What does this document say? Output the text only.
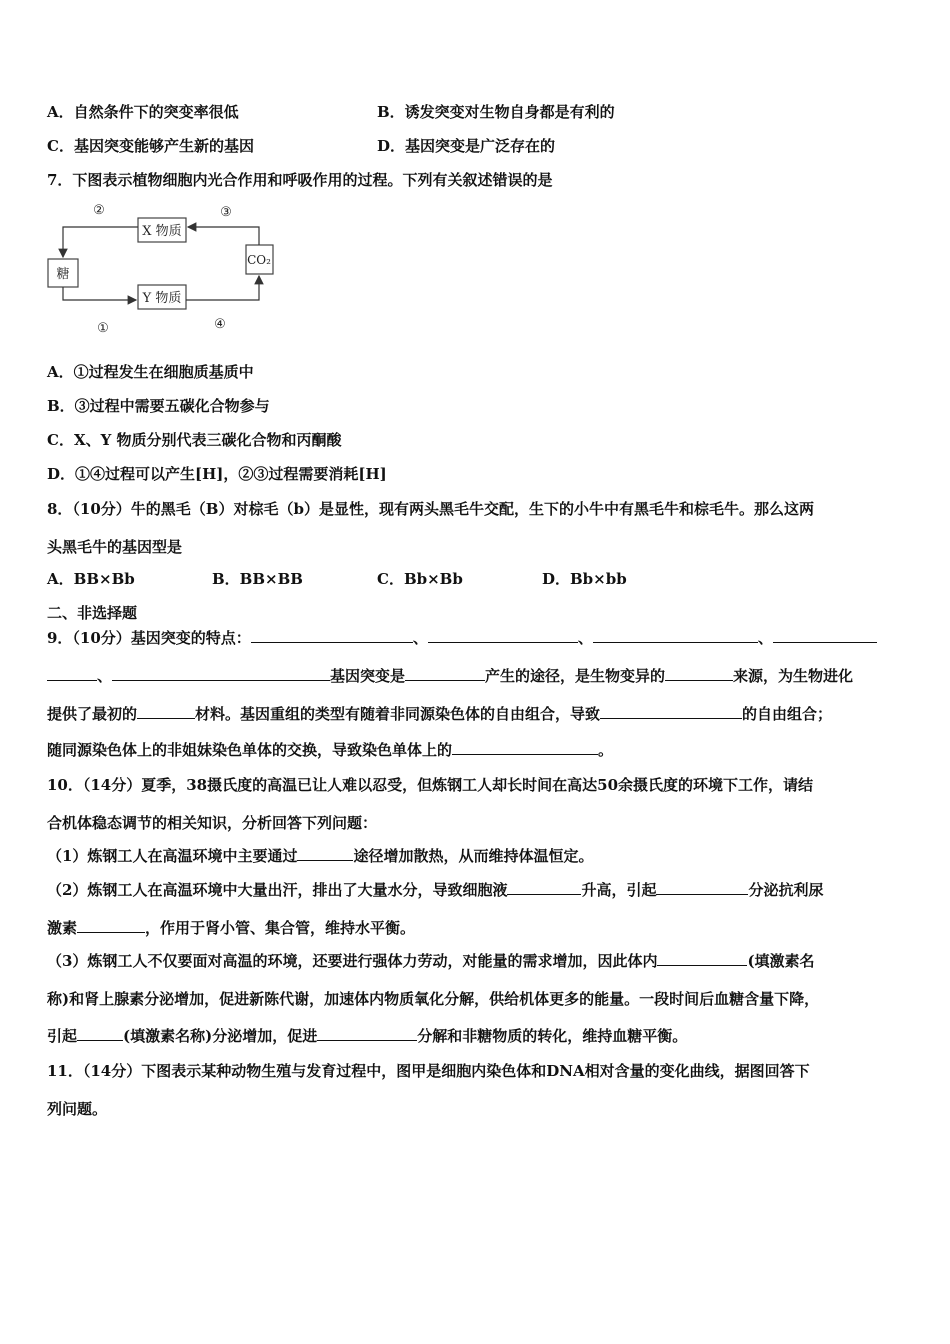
A．自然条件下的突变率很低	B．诱发突变对生物自身都是有利的
C．基因突变能够产生新的基因	D．基因突变是广泛存在的
7．下图表示植物细胞内光合作用和呼吸作用的过程。下列有关叙述错误的是
X 物质
Y 物质
糖
CO₂
②	③
①	④
A．①过程发生在细胞质基质中
B．③过程中需要五碳化合物参与
C．X、Y 物质分别代表三碳化合物和丙酮酸
D．①④过程可以产生[H]，②③过程需要消耗[H]
8．（10分）牛的黑毛（B）对棕毛（b）是显性，现有两头黑毛牛交配，生下的小牛中有黑毛牛和棕毛牛。那么这两
头黑毛牛的基因型是
A．BB×Bb	B．BB×BB	C．Bb×Bb	D．Bb×bb
二、非选择题
9．（10分）基因突变的特点：	、	、	、
、	基因突变是	产生的途径，是生物变异的	来源，为生物进化
提供了最初的	材料。基因重组的类型有随着非同源染色体的自由组合，导致	的自由组合；
随同源染色体上的非姐妹染色单体的交换，导致染色单体上的	。
10．（14分）夏季，38摄氏度的高温已让人难以忍受，但炼钢工人却长时间在高达50余摄氏度的环境下工作，请结
合机体稳态调节的相关知识，分析回答下列问题：
（1）炼钢工人在高温环境中主要通过	途径增加散热，从而维持体温恒定。
（2）炼钢工人在高温环境中大量出汗，排出了大量水分，导致细胞液	升高，引起	分泌抗利尿
激素	，作用于肾小管、集合管，维持水平衡。
（3）炼钢工人不仅要面对高温的环境，还要进行强体力劳动，对能量的需求增加，因此体内	(填激素名
称)和肾上腺素分泌增加，促进新陈代谢，加速体内物质氧化分解，供给机体更多的能量。一段时间后血糖含量下降，
引起	(填激素名称)分泌增加，促进	分解和非糖物质的转化，维持血糖平衡。
11．（14分）下图表示某种动物生殖与发育过程中，图甲是细胞内染色体和DNA相对含量的变化曲线，据图回答下
列问题。
